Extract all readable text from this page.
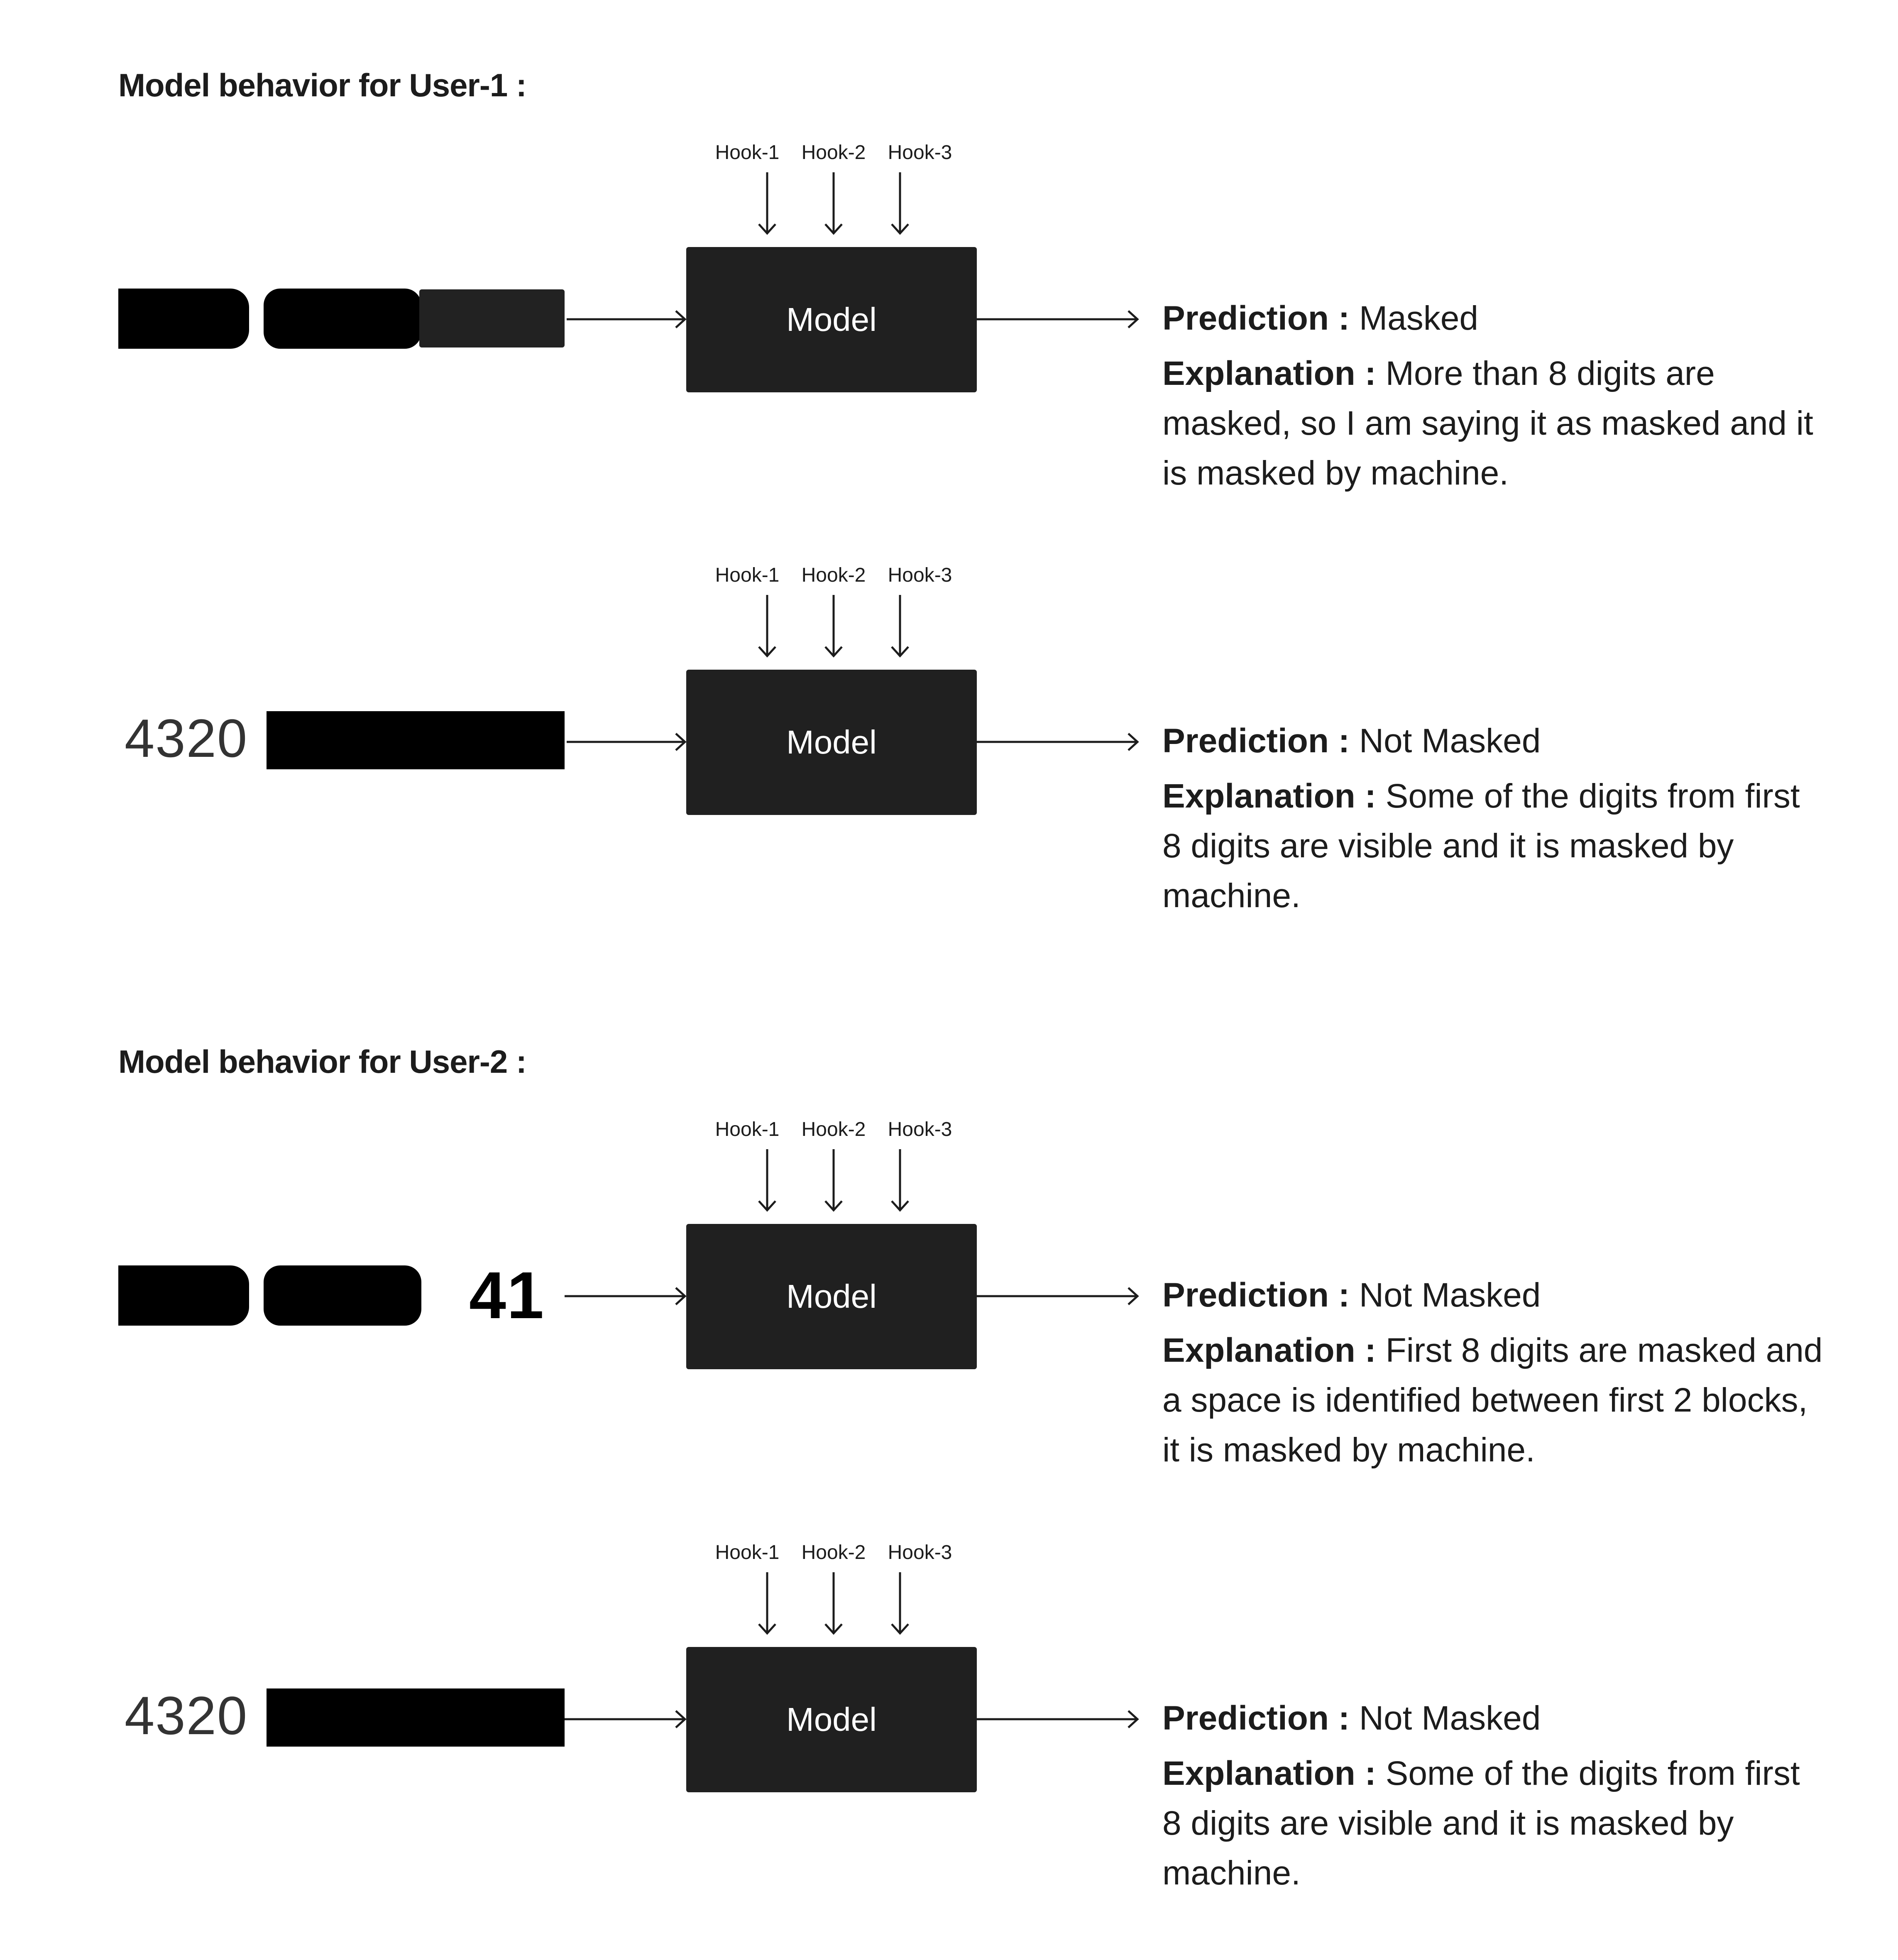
Model behavior for User-1 :
Hook-1 Hook-2 Hook-3
Model	Prediction : Masked
Explanation : More than 8 digits are masked, so I am saying it as masked and it is masked by machine.
Hook-1 Hook-2 Hook-3
Model
4320	Prediction : Not Masked
Explanation : Some of the digits from first 8 digits are visible and it is masked by machine.
Model behavior for User-2 :
Hook-1 Hook-2 Hook-3
Model
41	Prediction : Not Masked
Explanation : First 8 digits are masked and a space is identified between first 2 blocks, it is masked by machine.
Hook-1 Hook-2 Hook-3
Model
4320	Prediction : Not Masked
Explanation : Some of the digits from first 8 digits are visible and it is masked by machine.
